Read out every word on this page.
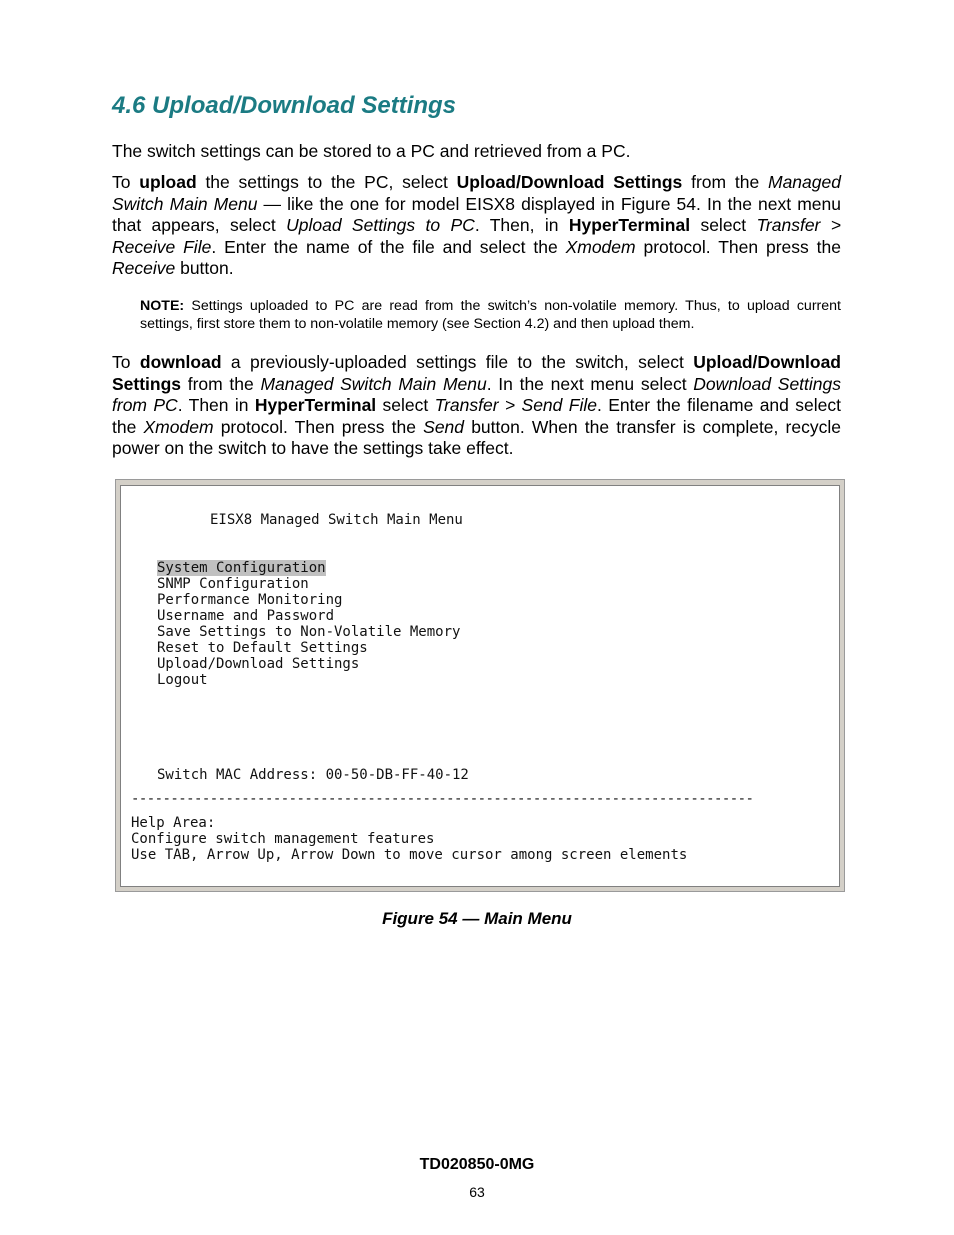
4.6 Upload/Download Settings

The switch settings can be stored to a PC and retrieved from a PC.

To upload the settings to the PC, select Upload/Download Settings from the Managed Switch Main Menu — like the one for model EISX8 displayed in Figure 54. In the next menu that appears, select Upload Settings to PC. Then, in HyperTerminal select Transfer > Receive File. Enter the name of the file and select the Xmodem protocol. Then press the Receive button.

NOTE: Settings uploaded to PC are read from the switch’s non-volatile memory. Thus, to upload current settings, first store them to non-volatile memory (see Section 4.2) and then upload them.

To download a previously-uploaded settings file to the switch, select Upload/Download Settings from the Managed Switch Main Menu. In the next menu select Download Settings from PC. Then in HyperTerminal select Transfer > Send File. Enter the filename and select the Xmodem protocol. Then press the Send button. When the transfer is complete, recycle power on the switch to have the settings take effect.

EISX8 Managed Switch Main Menu
System Configuration
SNMP Configuration
Performance Monitoring
Username and Password
Save Settings to Non-Volatile Memory
Reset to Default Settings
Upload/Download Settings
Logout
Switch MAC Address: 00-50-DB-FF-40-12
-------------------------------------------------------------------------------
Help Area:
Configure switch management features
Use TAB, Arrow Up, Arrow Down to move cursor among screen elements

Figure 54 — Main Menu

TD020850-0MG

63
